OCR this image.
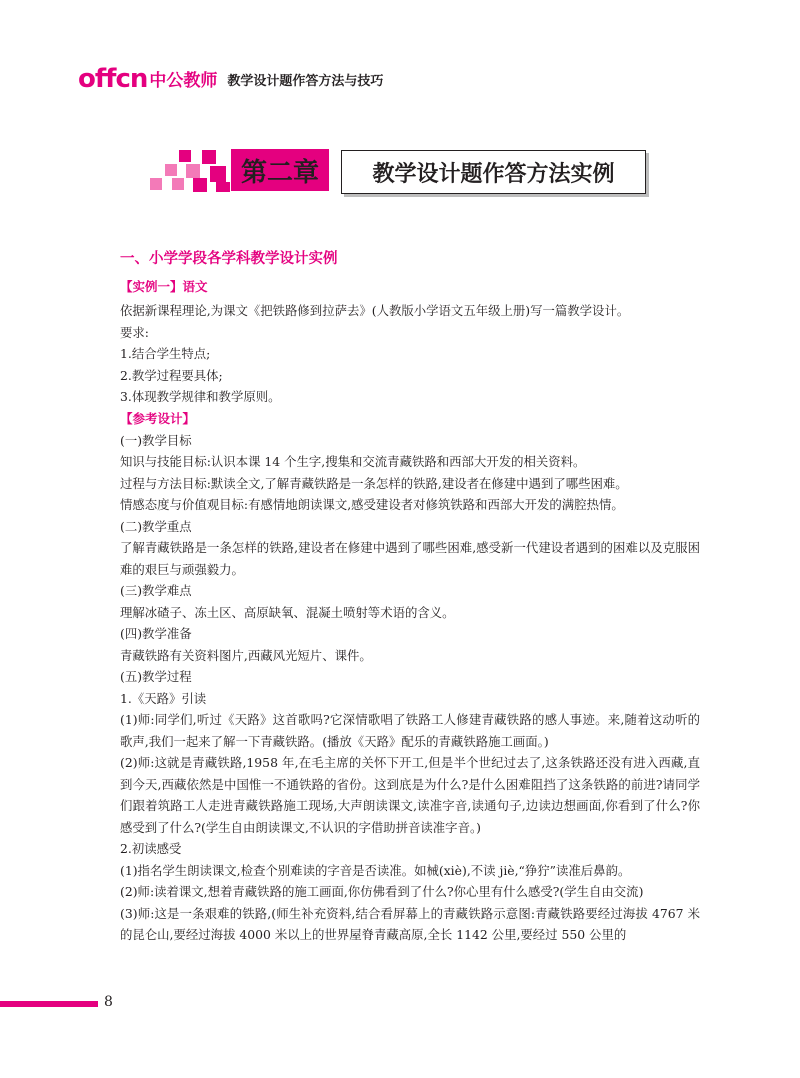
offcn 中公教师 教学设计题作答方法与技巧
第二章 教学设计题作答方法实例
一、小学学段各学科教学设计实例
【实例一】语文
依据新课程理论,为课文《把铁路修到拉萨去》(人教版小学语文五年级上册)写一篇教学设计。
要求:
1.结合学生特点;
2.教学过程要具体;
3.体现教学规律和教学原则。
【参考设计】
(一)教学目标
知识与技能目标:认识本课 14 个生字,搜集和交流青藏铁路和西部大开发的相关资料。
过程与方法目标:默读全文,了解青藏铁路是一条怎样的铁路,建设者在修建中遇到了哪些困难。
情感态度与价值观目标:有感情地朗读课文,感受建设者对修筑铁路和西部大开发的满腔热情。
(二)教学重点
了解青藏铁路是一条怎样的铁路,建设者在修建中遇到了哪些困难,感受新一代建设者遇到的困难以及克服困难的艰巨与顽强毅力。
(三)教学难点
理解冰碴子、冻土区、高原缺氧、混凝土喷射等术语的含义。
(四)教学准备
青藏铁路有关资料图片,西藏风光短片、课件。
(五)教学过程
1.《天路》引读
(1)师:同学们,听过《天路》这首歌吗?它深情歌唱了铁路工人修建青藏铁路的感人事迹。来,随着这动听的歌声,我们一起来了解一下青藏铁路。(播放《天路》配乐的青藏铁路施工画面。)
(2)师:这就是青藏铁路,1958 年,在毛主席的关怀下开工,但是半个世纪过去了,这条铁路还没有进入西藏,直到今天,西藏依然是中国惟一不通铁路的省份。这到底是为什么?是什么困难阻挡了这条铁路的前进?请同学们跟着筑路工人走进青藏铁路施工现场,大声朗读课文,读准字音,读通句子,边读边想画面,你看到了什么?你感受到了什么?(学生自由朗读课文,不认识的字借助拼音读准字音。)
2.初读感受
(1)指名学生朗读课文,检查个别难读的字音是否读准。如械(xiè),不读 jiè,“狰狞”读准后鼻韵。
(2)师:读着课文,想着青藏铁路的施工画面,你仿佛看到了什么?你心里有什么感受?(学生自由交流)
(3)师:这是一条艰难的铁路,(师生补充资料,结合看屏幕上的青藏铁路示意图:青藏铁路要经过海拔 4767 米的昆仑山,要经过海拔 4000 米以上的世界屋脊青藏高原,全长 1142 公里,要经过 550 公里的
8
